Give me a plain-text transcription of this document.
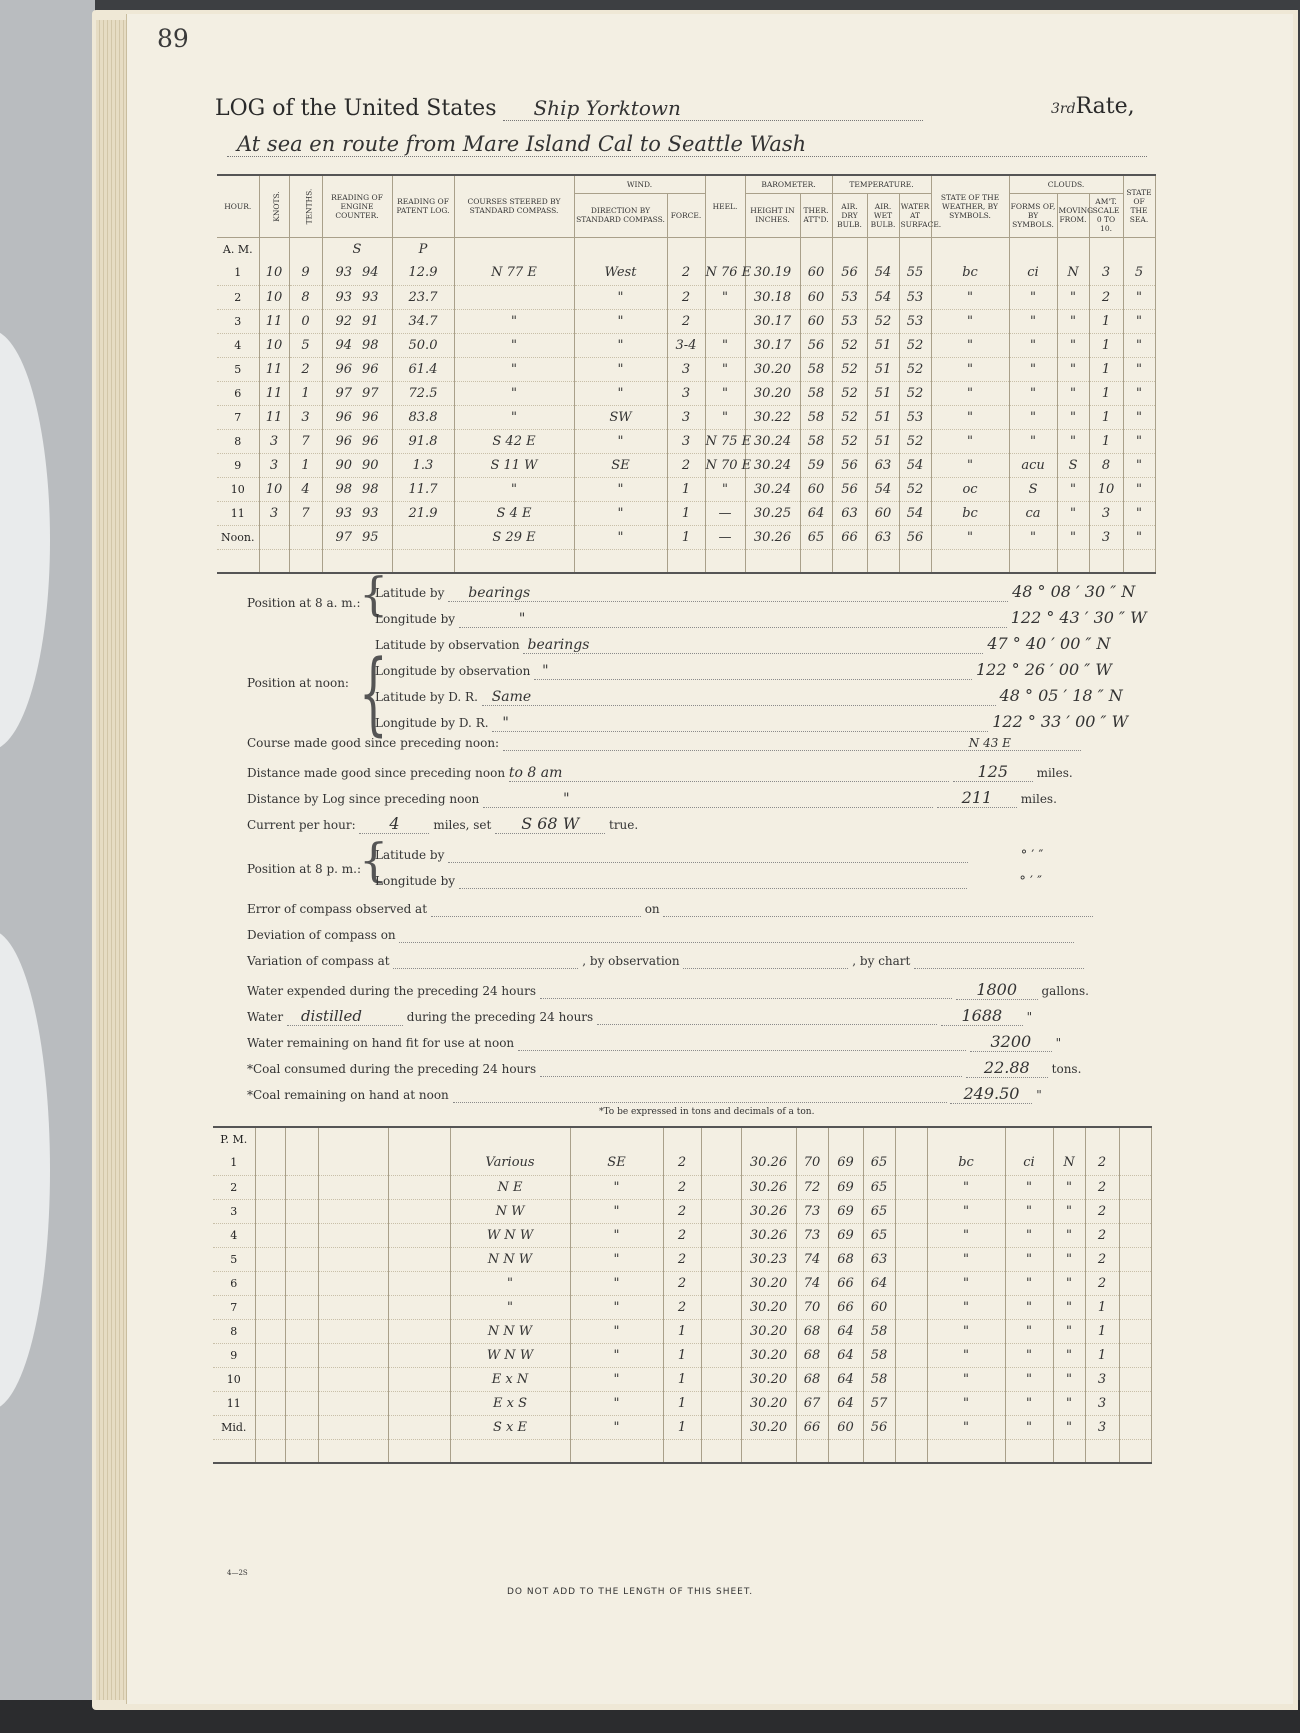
89
LOG of the United States Ship Yorktown	3rdRate,
At sea en route from Mare Island Cal to Seattle Wash
HOUR.	KNOTS.	TENTHS.	READING OF ENGINE COUNTER.	READING OF PATENT LOG.	COURSES STEERED BY STANDARD COMPASS.	WIND.		HEEL.	BAROMETER.		TEMPERATURE.			STATE OF THE WEATHER, BY SYMBOLS.	CLOUDS.			STATE OF THE SEA.
						DIRECTION BY STANDARD COMPASS.	FORCE.		HEIGHT IN INCHES.	THER. ATT'D.	AIR. DRY BULB.	AIR. WET BULB.	WATER AT SURFACE.		FORMS OF, BY SYMBOLS.	MOVING FROM.	AM'T. SCALE 0 TO 10.	
A. M.			S	P														
1	10	9	93 94	12.9	N 77 E	West	2	N 76 E	30.19	60	56	54	55	bc	ci	N	3	5
2	10	8	93 93	23.7		"	2	"	30.18	60	53	54	53	"	"	"	2	"
3	11	0	92 91	34.7	"	"	2		30.17	60	53	52	53	"	"	"	1	"
4	10	5	94 98	50.0	"	"	3-4	"	30.17	56	52	51	52	"	"	"	1	"
5	11	2	96 96	61.4	"	"	3	"	30.20	58	52	51	52	"	"	"	1	"
6	11	1	97 97	72.5	"	"	3	"	30.20	58	52	51	52	"	"	"	1	"
7	11	3	96 96	83.8	"	SW	3	"	30.22	58	52	51	53	"	"	"	1	"
8	3	7	96 96	91.8	S 42 E	"	3	N 75 E	30.24	58	52	51	52	"	"	"	1	"
9	3	1	90 90	1.3	S 11 W	SE	2	N 70 E	30.24	59	56	63	54	"	acu	S	8	"
10	10	4	98 98	11.7	"	"	1	"	30.24	60	56	54	52	oc	S	"	10	"
11	3	7	93 93	21.9	S 4 E	"	1	—	30.25	64	63	60	54	bc	ca	"	3	"
Noon.			97 95		S 29 E	"	1	—	30.26	65	66	63	56	"	"	"	3	"

Position at 8 a. m.:
{
Latitude by bearings	48 ° 08 ′ 30 ″ N
Longitude by	"	122 ° 43 ′ 30 ″ W
Position at noon: {
Latitude by observation bearings	47 ° 40 ′ 00 ″ N
Longitude by observation "	122 ° 26 ′ 00 ″ W
Latitude by D. R. Same	48 ° 05 ′ 18 ″ N
Longitude by D. R. "	122 ° 33 ′ 00 ″ W
Course made good since preceding noon:	N 43 E
Distance made good since preceding noon to 8 am	125 miles.
Distance by Log since preceding noon	"	211 miles.
Current per hour: 4	miles, set S 68 W true.
Position at 8 p. m.:
{
Latitude by	° ′ ″
Longitude by	° ′ ″
Error of compass observed at	on
Deviation of compass on
Variation of compass at	, by observation	, by chart
Water expended during the preceding 24 hours	1800 gallons.
Water distilled	during the preceding 24 hours	1688 "
Water remaining on hand fit for use at noon	3200 "
*Coal consumed during the preceding 24 hours	22.88 tons.
*Coal remaining on hand at noon	249.50 "
*To be expressed in tons and decimals of a ton.
P. M.																		
1					Various	SE	2		30.26	70	69	65		bc	ci	N	2	
2					N E	"	2		30.26	72	69	65		"	"	"	2	
3					N W	"	2		30.26	73	69	65		"	"	"	2	
4					W N W	"	2		30.26	73	69	65		"	"	"	2	
5					N N W	"	2		30.23	74	68	63		"	"	"	2	
6					"	"	2		30.20	74	66	64		"	"	"	2	
7					"	"	2		30.20	70	66	60		"	"	"	1	
8					N N W	"	1		30.20	68	64	58		"	"	"	1	
9					W N W	"	1		30.20	68	64	58		"	"	"	1	
10					E x N	"	1		30.20	68	64	58		"	"	"	3	
11					E x S	"	1		30.20	67	64	57		"	"	"	3	
Mid.					S x E	"	1		30.20	66	60	56		"	"	"	3	

4—2S
DO NOT ADD TO THE LENGTH OF THIS SHEET.
